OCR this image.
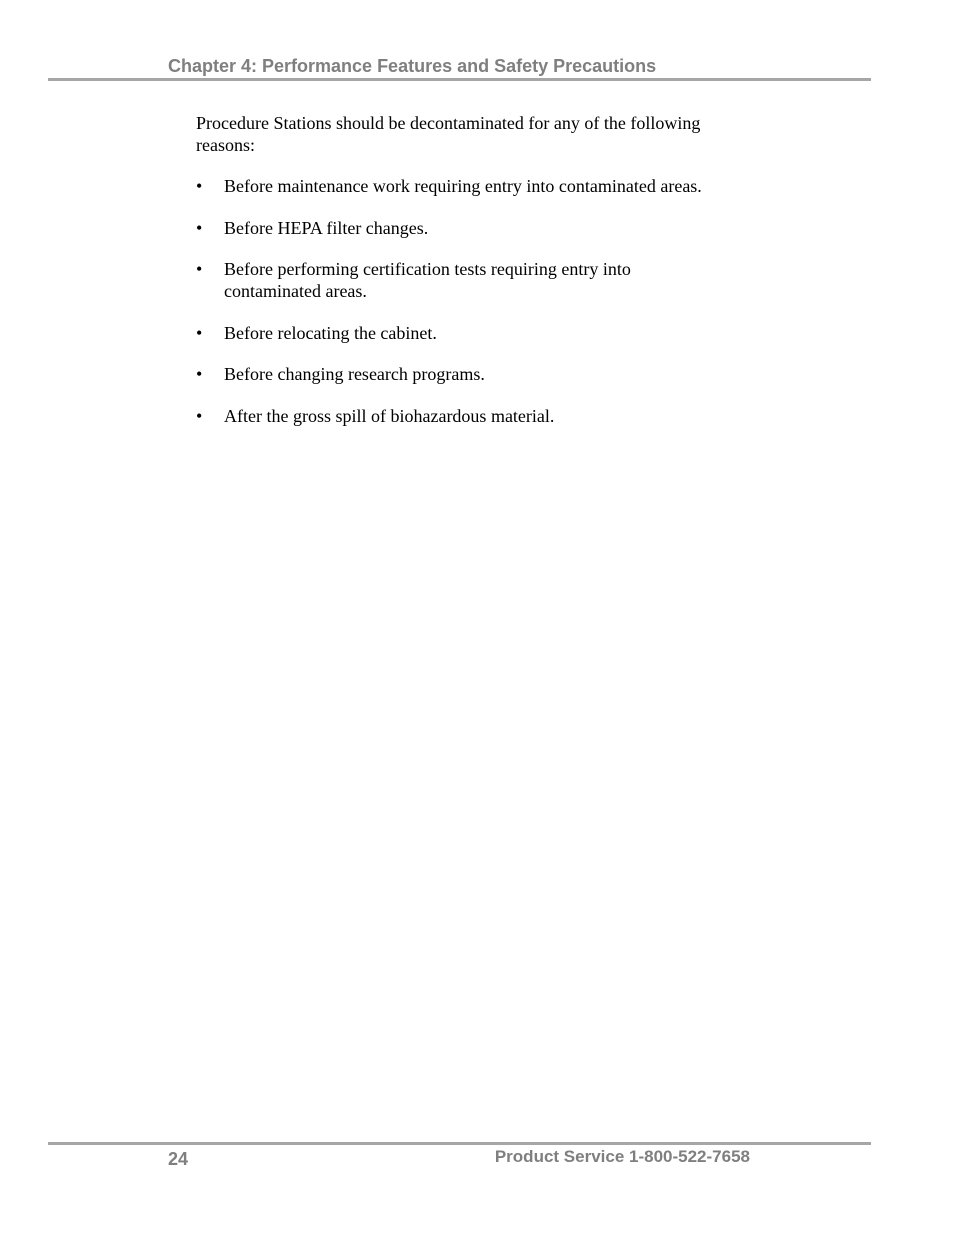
Chapter 4: Performance Features and Safety Precautions

Procedure Stations should be decontaminated for any of the following reasons:

• Before maintenance work requiring entry into contaminated areas.
• Before HEPA filter changes.
• Before performing certification tests requiring entry into contaminated areas.
• Before relocating the cabinet.
• Before changing research programs.
• After the gross spill of biohazardous material.
24	Product Service 1-800-522-7658
